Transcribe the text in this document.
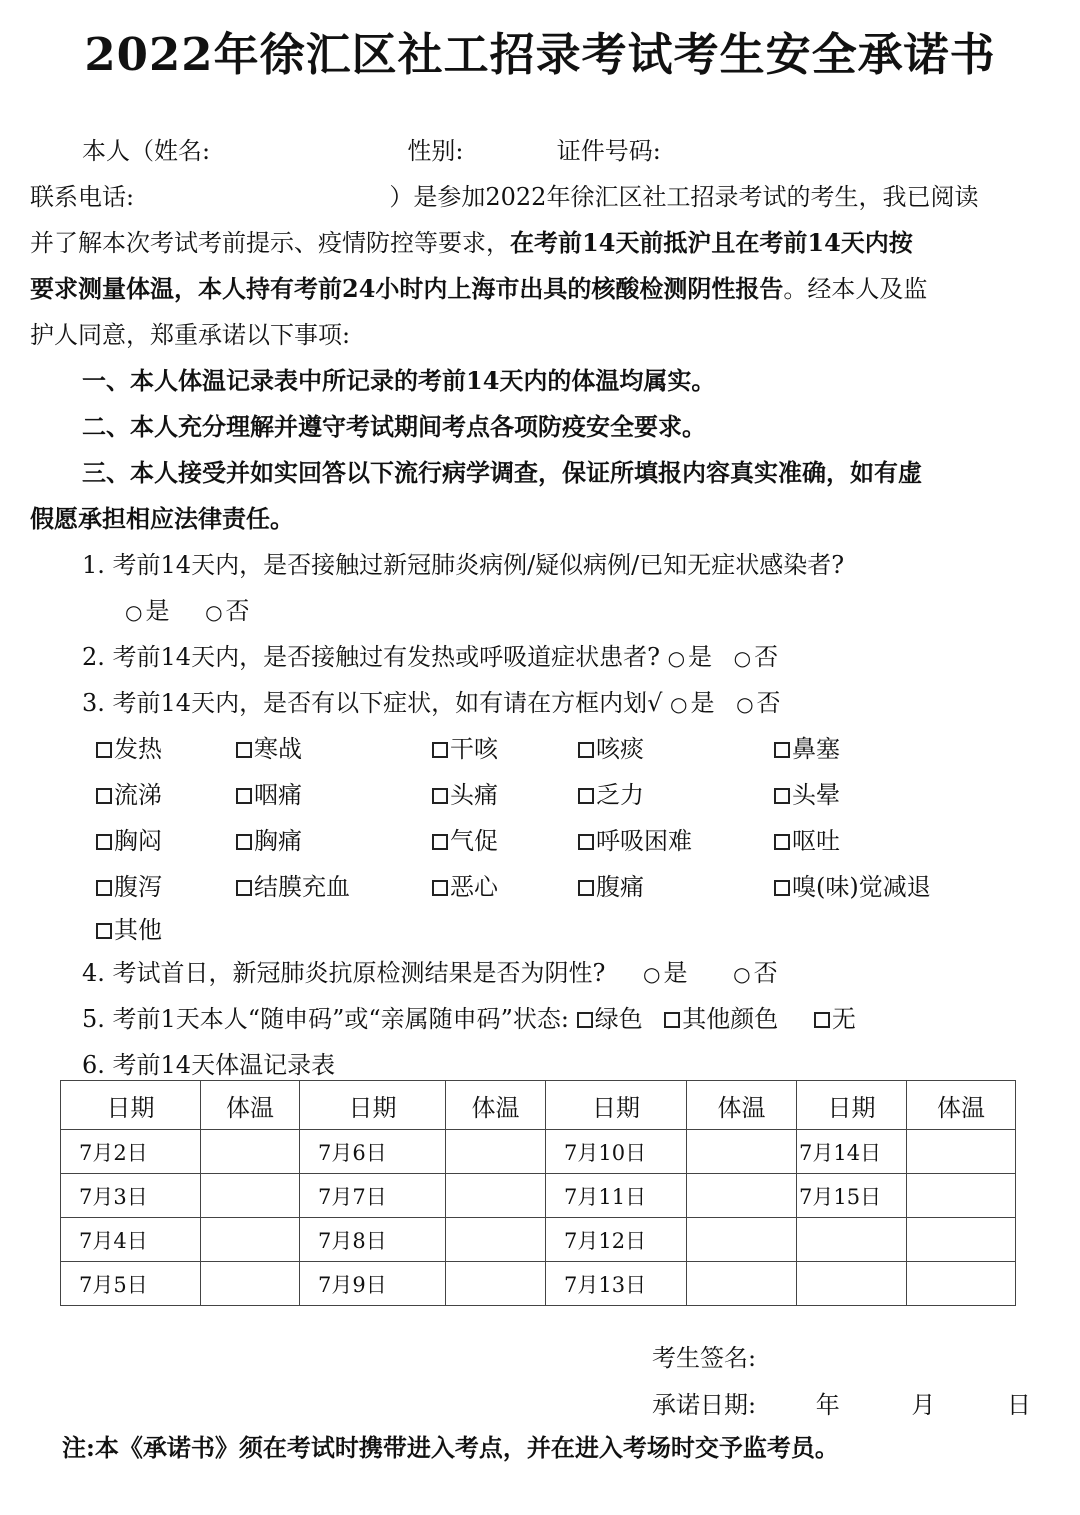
2022年徐汇区社工招录考试考生安全承诺书
本人（姓名:	性别:	证件号码:
联系电话:	）是参加2022年徐汇区社工招录考试的考生，我已阅读
并了解本次考试考前提示、疫情防控等要求，在考前14天前抵沪且在考前14天内按
要求测量体温，本人持有考前24小时内上海市出具的核酸检测阴性报告。经本人及监
护人同意，郑重承诺以下事项:
一、本人体温记录表中所记录的考前14天内的体温均属实。
二、本人充分理解并遵守考试期间考点各项防疫安全要求。
三、本人接受并如实回答以下流行病学调查，保证所填报内容真实准确，如有虚
假愿承担相应法律责任。
1. 考前14天内，是否接触过新冠肺炎病例/疑似病例/已知无症状感染者?
○ 是 ○ 否
2. 考前14天内，是否接触过有发热或呼吸道症状患者? ○ 是 ○ 否
3. 考前14天内，是否有以下症状，如有请在方框内划√ ○ 是 ○ 否
发热	寒战	干咳	咳痰	鼻塞
流涕	咽痛	头痛	乏力	头晕
胸闷	胸痛	气促	呼吸困难	呕吐
腹泻	结膜充血	恶心	腹痛	嗅(味)觉减退
其他
4. 考试首日，新冠肺炎抗原检测结果是否为阴性? ○ 是 ○ 否
5. 考前1天本人“随申码”或“亲属随申码”状态: 绿色 其他颜色 无
6. 考前14天体温记录表
日期	体温	日期	体温	日期	体温	日期	体温
7月2日		7月6日		7月10日		7月14日	
7月3日		7月7日		7月11日		7月15日	
7月4日		7月8日		7月12日			
7月5日		7月9日		7月13日			
考生签名:
承诺日期: 年	月	日
注:本《承诺书》须在考试时携带进入考点，并在进入考场时交予监考员。
